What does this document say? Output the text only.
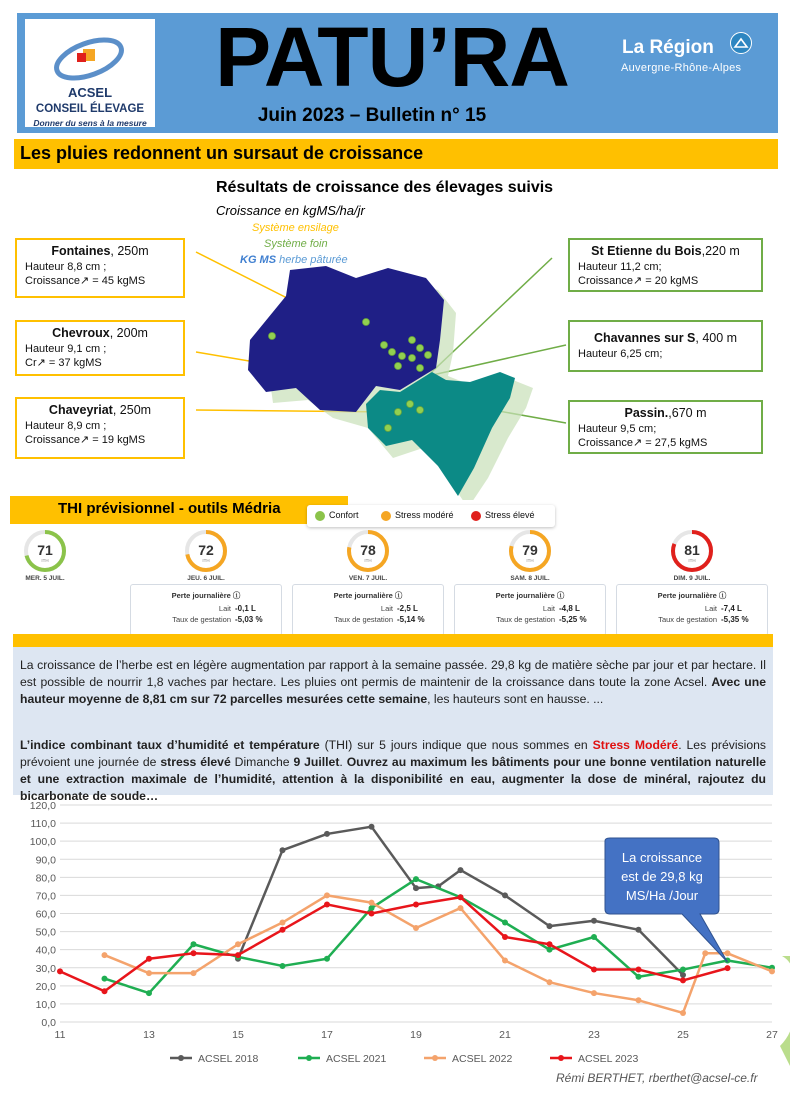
ACSEL
CONSEIL ÉLEVAGE
Donner du sens à la mesure
PATU’RA
Juin 2023 – Bulletin n° 15
La Région
Auvergne-Rhône-Alpes
Les pluies redonnent un sursaut de croissance
Résultats de croissance des élevages suivis
Croissance en kgMS/ha/jr
Système ensilage
Système foin
KG MS herbe pâturée
Fontaines, 250m
Hauteur 8,8 cm ;
Croissance↗ = 45 kgMS
Chevroux, 200m
Hauteur 9,1 cm ;
Cr↗ = 37 kgMS
Chaveyriat, 250m
Hauteur 8,9 cm ;
Croissance↗ = 19 kgMS
St Etienne du Bois,220 m
Hauteur 11,2 cm;
Croissance↗ = 20 kgMS
Chavannes sur S, 400 m
Hauteur 6,25 cm;
Passin.,670 m
Hauteur 9,5 cm;
Croissance↗ = 27,5 kgMS
THI prévisionnel - outils Médria	Confort	Stress modéré	Stress élevé
71
ITH
MER. 5 JUIL.
72
ITH
JEU. 6 JUIL.
78
ITH
VEN. 7 JUIL.
79
ITH
SAM. 8 JUIL.
81
ITH
DIM. 9 JUIL.
Perte journalière ⓘ
Lait -0,1 L
Taux de gestation -5,03 %
Perte journalière ⓘ
Lait -2,5 L
Taux de gestation -5,14 %
Perte journalière ⓘ
Lait -4,8 L
Taux de gestation -5,25 %
Perte journalière ⓘ
Lait -7,4 L
Taux de gestation -5,35 %
La croissance de l’herbe est en légère augmentation par rapport à la semaine passée. 29,8 kg de matière sèche par jour et par hectare. Il est possible de nourrir 1,8 vaches par hectare. Les pluies ont permis de maintenir de la croissance dans toute la zone Acsel. Avec une hauteur moyenne de 8,81 cm sur 72 parcelles mesurées cette semaine, les hauteurs sont en hausse. ...
L’indice combinant taux d’humidité et température (THI) sur 5 jours indique que nous sommes en Stress Modéré. Les prévisions prévoient une journée de stress élevé Dimanche 9 Juillet. Ouvrez au maximum les bâtiments pour une bonne ventilation naturelle et une extraction maximale de l’humidité, attention à la disponibilité en eau, augmenter la dose de minéral, rajoutez du bicarbonate de soude…
0,0
10,0
20,0
30,0
40,0
50,0
60,0
70,0
80,0
90,0
100,0
110,0
120,0
11	13	15	17	19	21	23	25	27
ACSEL 2018	ACSEL 2021	ACSEL 2022	ACSEL 2023
La croissance
est de 29,8 kg
MS/Ha /Jour
Rémi BERTHET, rberthet@acsel-ce.fr
